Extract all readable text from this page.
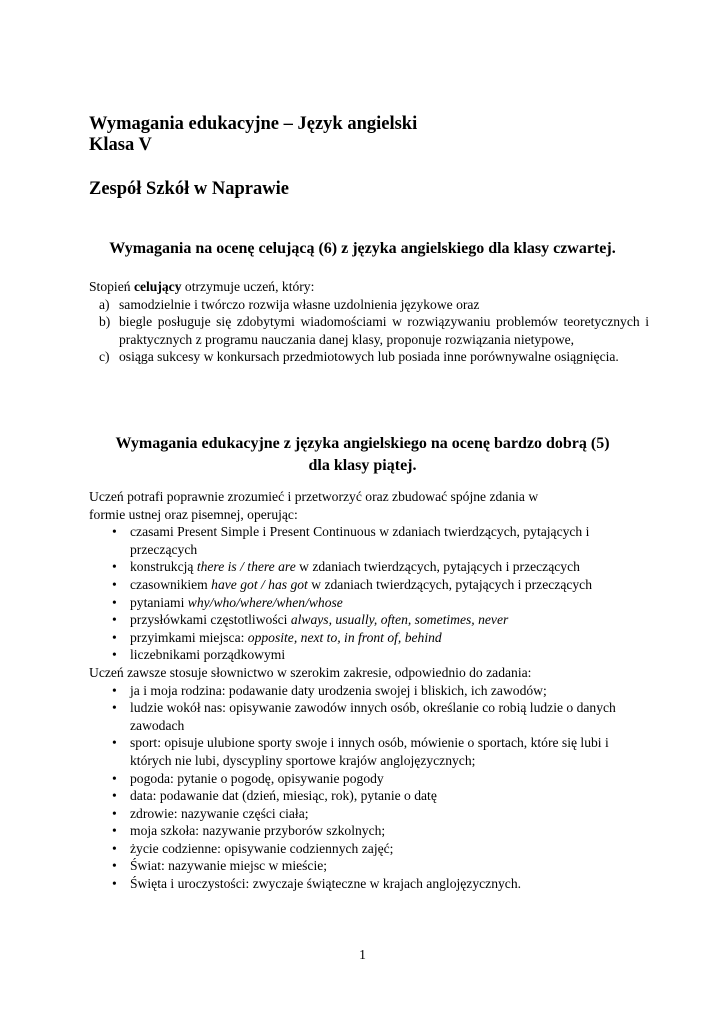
Wymagania edukacyjne – Język angielski
Klasa V
Zespół Szkół w Naprawie
Wymagania na ocenę celującą (6) z języka angielskiego dla klasy czwartej.

Stopień celujący otrzymuje uczeń, który:

a) samodzielnie i twórczo rozwija własne uzdolnienia językowe oraz
b) biegle posługuje się zdobytymi wiadomościami w rozwiązywaniu problemów teoretycznych i praktycznych z programu nauczania danej klasy, proponuje rozwiązania nietypowe,
c) osiąga sukcesy w konkursach przedmiotowych lub posiada inne porównywalne osiągnięcia.
Wymagania edukacyjne z języka angielskiego na ocenę bardzo dobrą (5)
dla klasy piątej.

Uczeń potrafi poprawnie zrozumieć i przetworzyć oraz zbudować spójne zdania w

formie ustnej oraz pisemnej, operując:

• czasami Present Simple i Present Continuous w zdaniach twierdzących, pytających i przeczących
• konstrukcją there is / there are w zdaniach twierdzących, pytających i przeczących
• czasownikiem have got / has got w zdaniach twierdzących, pytających i przeczących
• pytaniami why/who/where/when/whose
• przysłówkami częstotliwości always, usually, often, sometimes, never
• przyimkami miejsca: opposite, next to, in front of, behind
• liczebnikami porządkowymi

Uczeń zawsze stosuje słownictwo w szerokim zakresie, odpowiednio do zadania:

• ja i moja rodzina: podawanie daty urodzenia swojej i bliskich, ich zawodów;
• ludzie wokół nas: opisywanie zawodów innych osób, określanie co robią ludzie o danych zawodach
• sport: opisuje ulubione sporty swoje i innych osób, mówienie o sportach, które się lubi i których nie lubi, dyscypliny sportowe krajów anglojęzycznych;
• pogoda: pytanie o pogodę, opisywanie pogody
• data: podawanie dat (dzień, miesiąc, rok), pytanie o datę
• zdrowie: nazywanie części ciała;
• moja szkoła: nazywanie przyborów szkolnych;
• życie codzienne: opisywanie codziennych zajęć;
• Świat: nazywanie miejsc w mieście;
• Święta i uroczystości: zwyczaje świąteczne w krajach anglojęzycznych.
1
